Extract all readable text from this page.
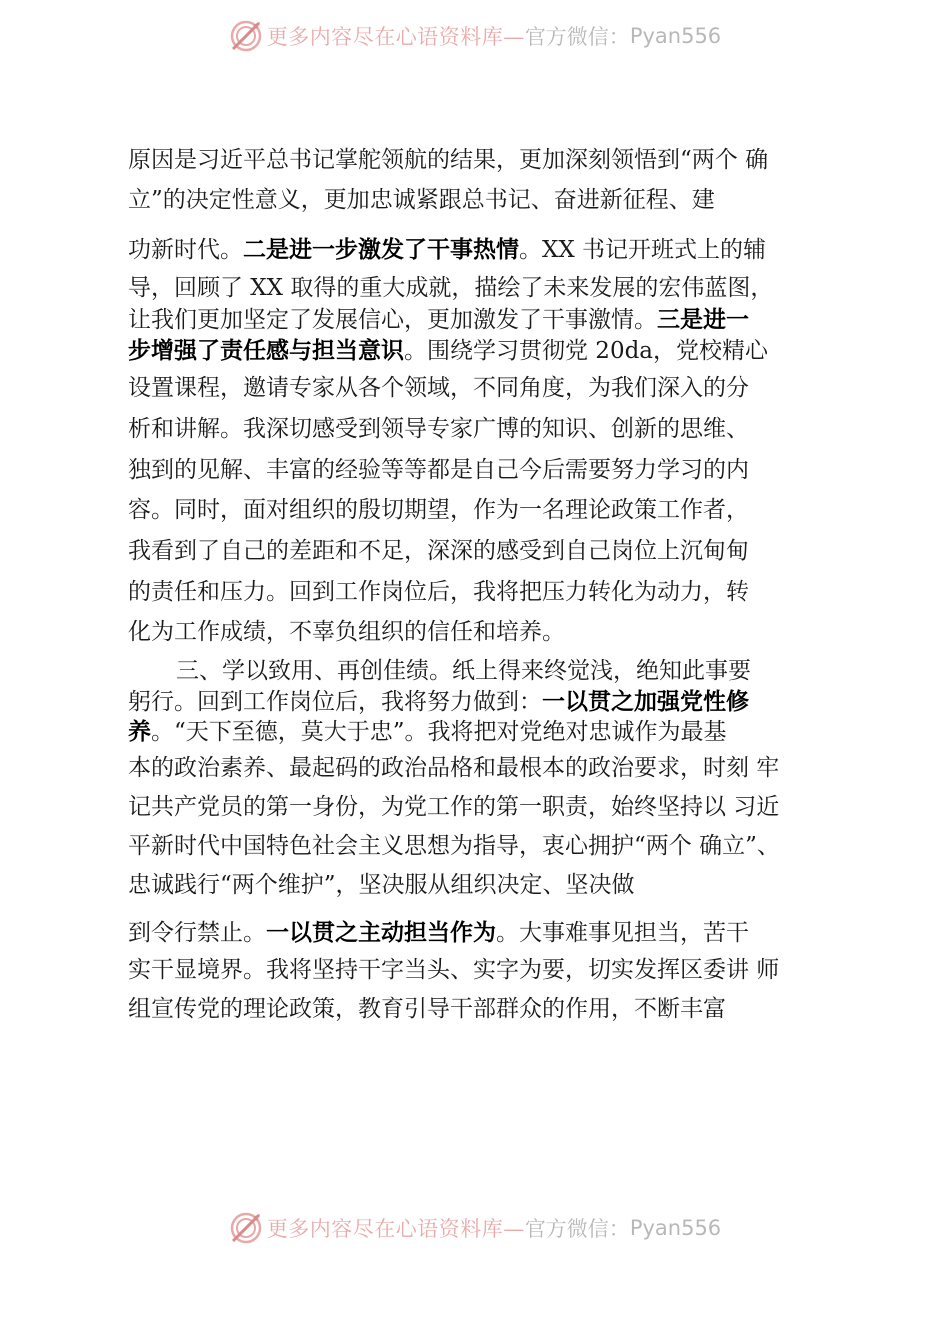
更多内容尽在心语资料库— 官方微信： Pyan556

原因是习近平总书记掌舵领航的结果，更加深刻领悟到“两个 确

立”的决定性意义，更加忠诚紧跟总书记、奋进新征程、建

功新时代。二是进一步激发了干事热情。XX 书记开班式上的辅

导，回顾了 XX 取得的重大成就，描绘了未来发展的宏伟蓝图，

让我们更加坚定了发展信心，更加激发了干事激情。三是进一

步增强了责任感与担当意识。围绕学习贯彻党 20da，党校精心

设置课程，邀请专家从各个领域，不同角度，为我们深入的分

析和讲解。我深切感受到领导专家广博的知识、创新的思维、

独到的见解、丰富的经验等等都是自己今后需要努力学习的内

容。同时，面对组织的殷切期望，作为一名理论政策工作者，

我看到了自己的差距和不足，深深的感受到自己岗位上沉甸甸

的责任和压力。回到工作岗位后，我将把压力转化为动力，转

化为工作成绩，不辜负组织的信任和培养。

三、学以致用、再创佳绩。纸上得来终觉浅，绝知此事要

躬行。回到工作岗位后，我将努力做到：一以贯之加强党性修

养。“天下至德，莫大于忠”。我将把对党绝对忠诚作为最基

本的政治素养、最起码的政治品格和最根本的政治要求，时刻 牢

记共产党员的第一身份，为党工作的第一职责，始终坚持以 习近

平新时代中国特色社会主义思想为指导，衷心拥护“两个 确立”、

忠诚践行“两个维护”，坚决服从组织决定、坚决做

到令行禁止。一以贯之主动担当作为。大事难事见担当，苦干

实干显境界。我将坚持干字当头、实字为要，切实发挥区委讲 师

组宣传党的理论政策，教育引导干部群众的作用，不断丰富

更多内容尽在心语资料库— 官方微信： Pyan556
